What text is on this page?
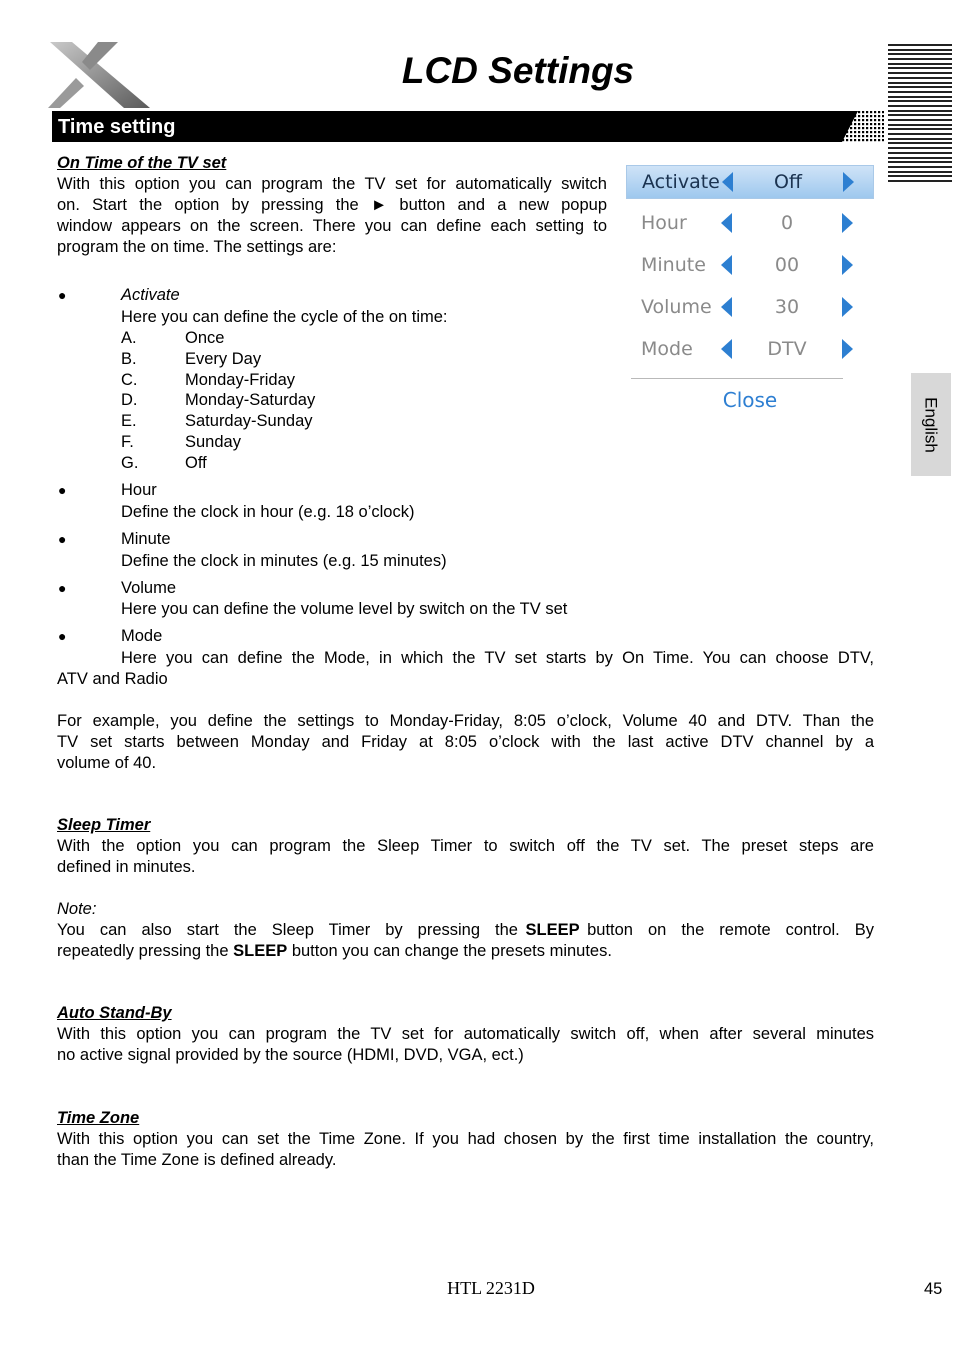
LCD Settings
Time setting
English
On Time of the TV set
With this option you can program the TV set for automatically switch
on. Start the option by pressing the ► button and a new popup
window appears on the screen. There you can define each setting to
program the on time. The settings are:
●	Activate
Here you can define the cycle of the on time:
A.	Once
B.	Every Day
C.	Monday-Friday
D.	Monday-Saturday
E.	Saturday-Sunday
F.	Sunday
G.	Off
●	Hour
Define the clock in hour (e.g. 18 o’clock)
●	Minute
Define the clock in minutes (e.g. 15 minutes)
●	Volume
Here you can define the volume level by switch on the TV set
●	Mode
Here you can define the Mode, in which the TV set starts by On Time. You can choose DTV,
ATV and Radio
For example, you define the settings to Monday-Friday, 8:05 o’clock, Volume 40 and DTV. Than the
TV set starts between Monday and Friday at 8:05 o’clock with the last active DTV channel by a
volume of 40.
Activate	Off
Hour	0
Minute	00
Volume	30
Mode	DTV
Close
Sleep Timer
With the option you can program the Sleep Timer to switch off the TV set. The preset steps are
defined in minutes.
Note:
You  can  also  start  the  Sleep  Timer  by  pressing  the SLEEP button  on  the  remote  control.  By
repeatedly pressing the SLEEP button you can change the presets minutes.
Auto Stand-By
With this option you can program the TV set for automatically switch off, when after several minutes
no active signal provided by the source (HDMI, DVD, VGA, ect.)
Time Zone
With this option you can set the Time Zone. If you had chosen by the first time installation the country,
than the Time Zone is defined already.
HTL 2231D	45
